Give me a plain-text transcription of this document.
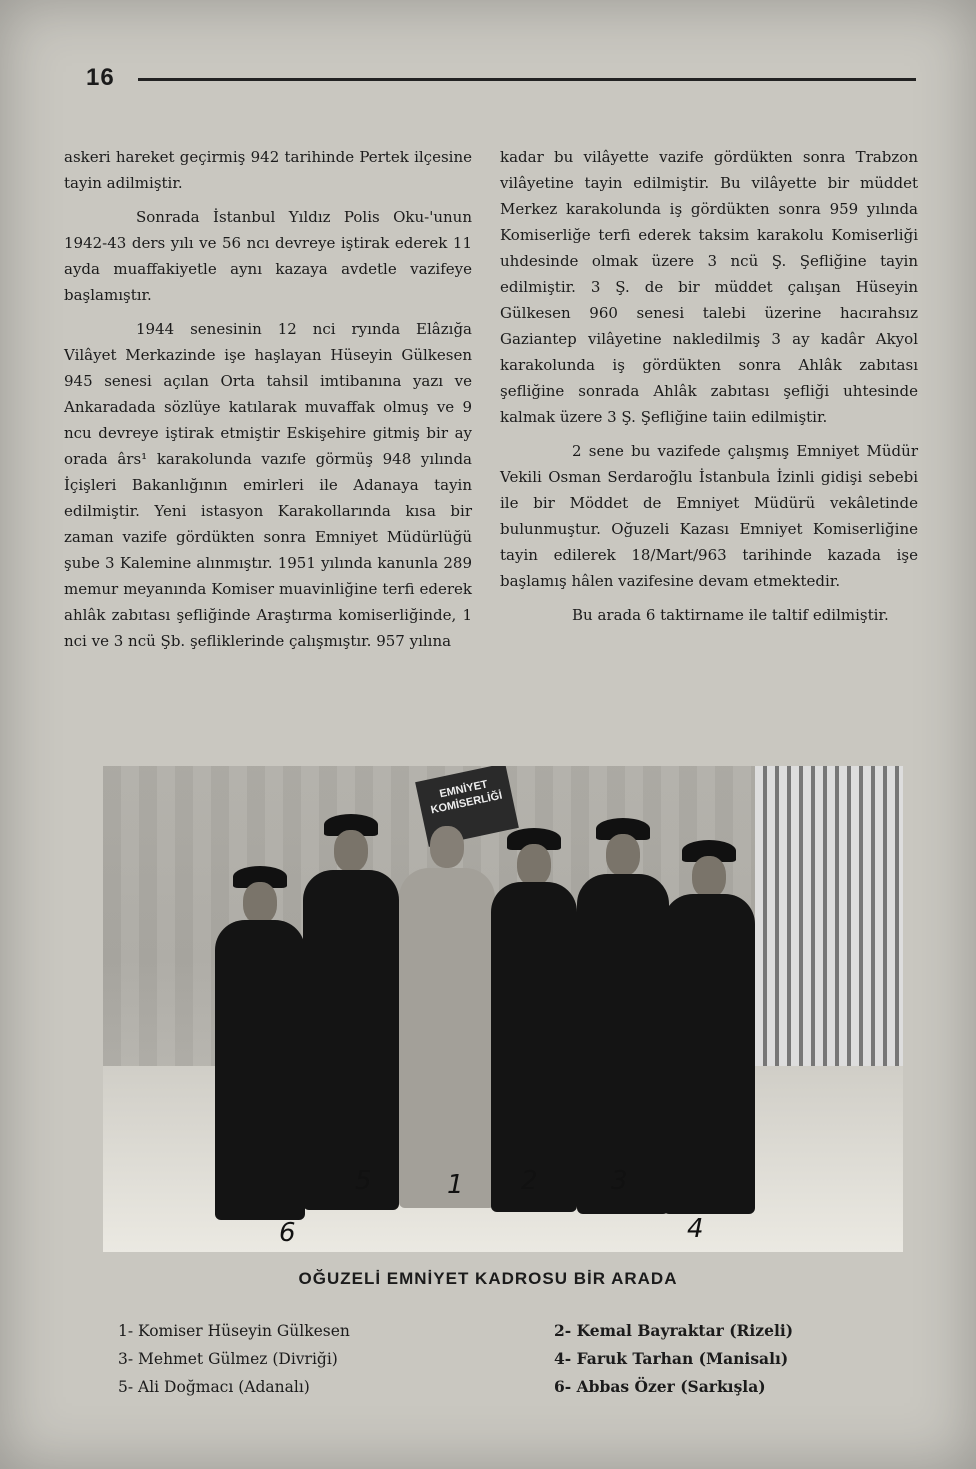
16

askeri hareket geçirmiş 942 tarihinde Pertek ilçesine tayin adilmiştir.

Sonrada İstanbul Yıldız Polis Oku-'unun 1942-43 ders yılı ve 56 ncı devreye iştirak ederek 11 ayda muaffakiyetle aynı kazaya avdetle vazifeye başlamıştır.

1944 senesinin 12 nci ryında Elâzığa Vilâyet Merkazinde işe haşlayan Hüseyin Gülkesen 945 senesi açılan Orta tahsil imtibanına yazı ve Ankaradada sözlüye katılarak muvaffak olmuş ve 9 ncu devreye iştirak etmiştir Eskişehire gitmiş bir ay orada ârs¹ karakolunda vazıfe görmüş 948 yılında İçişleri Bakanlığının emirleri ile Adanaya tayin edilmiştir. Yeni istasyon Karakollarında kısa bir zaman vazife gördükten sonra Emniyet Müdürlüğü şube 3 Kalemine alınmıştır. 1951 yılında kanunla 289 memur meyanında Komiser muavinliğine terfi ederek ahlâk zabıtası şefliğinde Araştırma komiserliğinde, 1 nci ve 3 ncü Şb. şefliklerinde çalışmıştır. 957 yılına

kadar bu vilâyette vazife gördükten sonra Trabzon vilâyetine tayin edilmiştir. Bu vilâyette bir müddet Merkez karakolunda iş gördükten sonra 959 yılında Komiserliğe terfi ederek taksim karakolu Komiserliği uhdesinde olmak üzere 3 ncü Ş. Şefliğine tayin edilmiştir. 3 Ş. de bir müddet çalışan Hüseyin Gülkesen 960 senesi talebi üzerine hacırahsız Gaziantep vilâyetine nakledilmiş 3 ay kadâr Akyol karakolunda iş gördükten sonra Ahlâk zabıtası şefliğine sonrada Ahlâk zabıtası şefliği uhtesinde kalmak üzere 3 Ş. Şefliğine taiin edilmiştir.

2 sene bu vazifede çalışmış Emniyet Müdür Vekili Osman Serdaroğlu İstanbula İzinli gidişi sebebi ile bir Möddet de Emniyet Müdürü vekâletinde bulunmuştur. Oğuzeli Kazası Emniyet Komiserliğine tayin edilerek 18/Mart/963 tarihinde kazada işe başlamış hâlen vazifesine devam etmektedir.

Bu arada 6 taktirname ile taltif edilmiştir.

EMNİYET KOMİSERLİĞİ
5	1 2	3
6	4
OĞUZELİ EMNİYET KADROSU BİR ARADA
1- Komiser Hüseyin Gülkesen
3- Mehmet Gülmez (Divriği)
5- Ali Doğmacı (Adanalı)
2- Kemal Bayraktar (Rizeli)
4- Faruk Tarhan (Manisalı)
6- Abbas Özer (Sarkışla)
